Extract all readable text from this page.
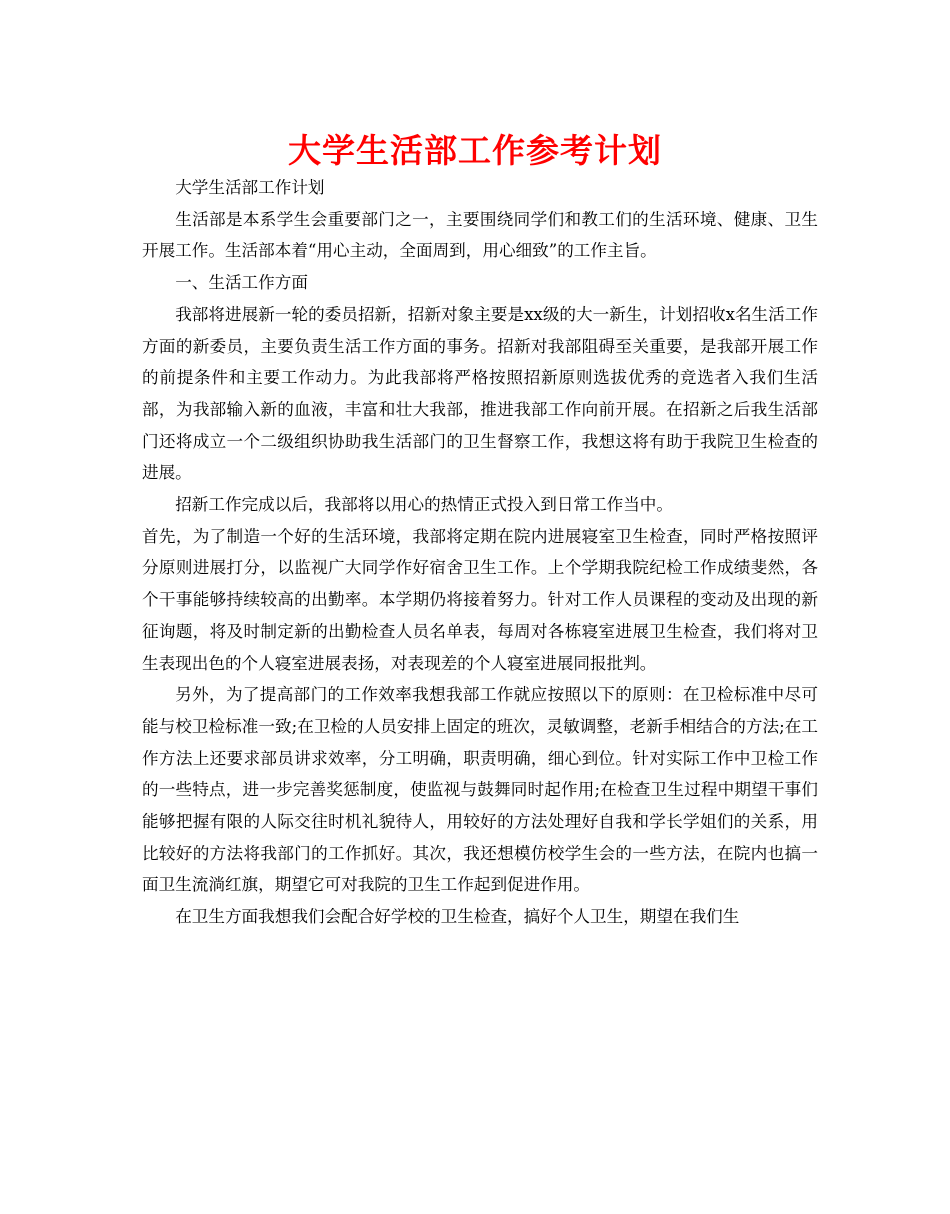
大学生活部工作参考计划

大学生活部工作计划

生活部是本系学生会重要部门之一，主要围绕同学们和教工们的生活环境、健康、卫生开展工作。生活部本着“用心主动，全面周到，用心细致”的工作主旨。

一、生活工作方面

我部将进展新一轮的委员招新，招新对象主要是xx级的大一新生，计划招收x名生活工作方面的新委员，主要负责生活工作方面的事务。招新对我部阻碍至关重要，是我部开展工作的前提条件和主要工作动力。为此我部将严格按照招新原则选拔优秀的竞选者入我们生活部，为我部输入新的血液，丰富和壮大我部，推进我部工作向前开展。在招新之后我生活部门还将成立一个二级组织协助我生活部门的卫生督察工作，我想这将有助于我院卫生检查的进展。

招新工作完成以后，我部将以用心的热情正式投入到日常工作当中。

首先，为了制造一个好的生活环境，我部将定期在院内进展寝室卫生检查，同时严格按照评分原则进展打分，以监视广大同学作好宿舍卫生工作。上个学期我院纪检工作成绩斐然，各个干事能够持续较高的出勤率。本学期仍将接着努力。针对工作人员课程的变动及出现的新征询题，将及时制定新的出勤检查人员名单表，每周对各栋寝室进展卫生检查，我们将对卫生表现出色的个人寝室进展表扬，对表现差的个人寝室进展同报批判。

另外，为了提高部门的工作效率我想我部工作就应按照以下的原则：在卫检标准中尽可能与校卫检标准一致;在卫检的人员安排上固定的班次，灵敏调整，老新手相结合的方法;在工作方法上还要求部员讲求效率，分工明确，职责明确，细心到位。针对实际工作中卫检工作的一些特点，进一步完善奖惩制度，使监视与鼓舞同时起作用;在检查卫生过程中期望干事们能够把握有限的人际交往时机礼貌待人，用较好的方法处理好自我和学长学姐们的关系，用比较好的方法将我部门的工作抓好。其次，我还想模仿校学生会的一些方法，在院内也搞一面卫生流淌红旗，期望它可对我院的卫生工作起到促进作用。

在卫生方面我想我们会配合好学校的卫生检查，搞好个人卫生，期望在我们生
